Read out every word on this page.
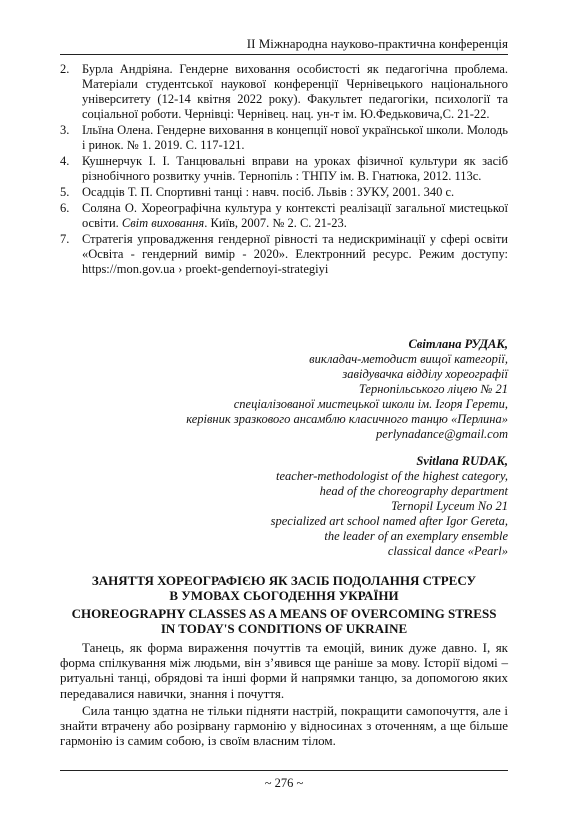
ІІ Міжнародна науково-практична конференція
2. Бурла Андріяна. Гендерне виховання особистості як педагогічна проблема. Матеріали студентської наукової конференції Чернівецького національного університету (12-14 квітня 2022 року). Факультет педагогіки, психології та соціальної роботи. Чернівці: Чернівец. нац. ун-т ім. Ю.Федьковича,С. 21-22.
3. Ільїна Олена. Гендерне виховання в концепції нової української школи. Молодь і ринок. № 1. 2019. С. 117-121.
4. Кушнерчук І. І. Танцювальні вправи на уроках фізичної культури як засіб різнобічного розвитку учнів. Тернопіль : ТНПУ ім. В. Гнатюка, 2012. 113с.
5. Осадців Т. П. Спортивні танці : навч. посіб. Львів : ЗУКУ, 2001. 340 с.
6. Соляна О. Хореографічна культура у контексті реалізації загальної мистецької освіти. Світ виховання. Київ, 2007. № 2. С. 21-23.
7. Стратегія упровадження гендерної рівності та недискримінації у сфері освіти «Освіта - гендерний вимір - 2020». Електронний ресурс. Режим доступу: https://mon.gov.ua › proekt-gendernoyi-strategiyi
Світлана РУДАК,
викладач-методист вищої категорії,
завідувачка відділу хореографії
Тернопільського ліцею № 21
спеціалізованої мистецької школи ім. Ігоря Герети,
керівник зразкового ансамблю класичного танцю «Перлина»
perlynadance@gmail.com
Svitlana RUDAK,
teacher-methodologist of the highest category,
head of the choreography department
Ternopil Lyceum No 21
specialized art school named after Igor Gereta,
the leader of an exemplary ensemble
classical dance «Pearl»
ЗАНЯТТЯ ХОРЕОГРАФІЄЮ ЯК ЗАСІБ ПОДОЛАННЯ СТРЕСУ
В УМОВАХ СЬОГОДЕННЯ УКРАЇНИ
CHOREOGRAPHY CLASSES AS A MEANS OF OVERCOMING STRESS
IN TODAY'S CONDITIONS OF UKRAINE

Танець, як форма вираження почуттів та емоцій, виник дуже давно. І, як форма спілкування між людьми, він з’явився ще раніше за мову. Історії відомі – ритуальні танці, обрядові та інші форми й напрямки танцю, за допомогою яких передавалися навички, знання і почуття.

Сила танцю здатна не тільки підняти настрій, покращити самопочуття, але і знайти втрачену або розірвану гармонію у відносинах з оточенням, а ще більше гармонію із самим собою, із своїм власним тілом.

~ 276 ~
